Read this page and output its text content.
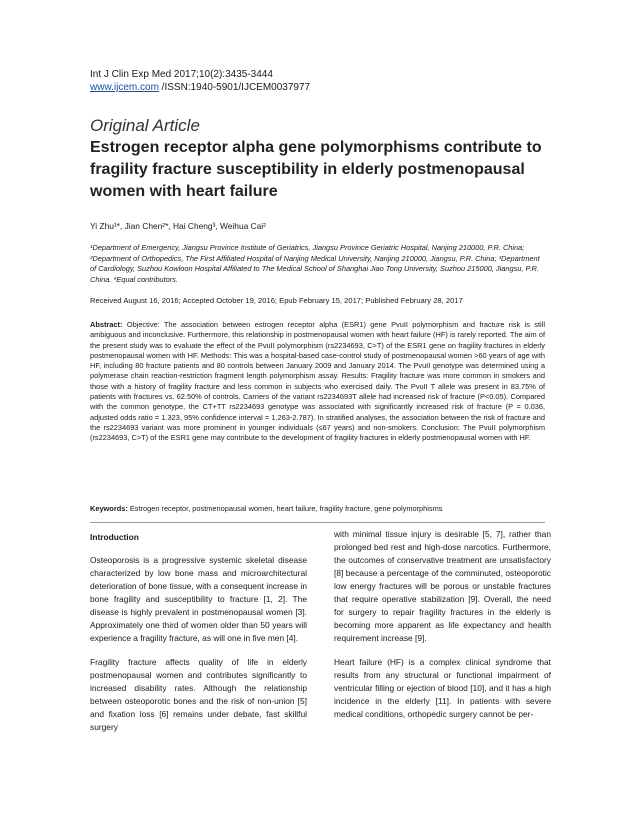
Int J Clin Exp Med 2017;10(2):3435-3444
www.ijcem.com /ISSN:1940-5901/IJCEM0037977
Original Article
Estrogen receptor alpha gene polymorphisms contribute to fragility fracture susceptibility in elderly postmenopausal women with heart failure
Yi Zhu¹*, Jian Chen²*, Hai Cheng³, Weihua Cai²
¹Department of Emergency, Jiangsu Province Institute of Geriatrics, Jiangsu Province Geriatric Hospital, Nanjing 210000, P.R. China; ²Department of Orthopedics, The First Affiliated Hospital of Nanjing Medical University, Nanjing 210000, Jiangsu, P.R. China; ³Department of Cardiology, Suzhou Kowloon Hospital Affiliated to The Medical School of Shanghai Jiao Tong University, Suzhou 215000, Jiangsu, P.R. China. *Equal contributors.
Received August 16, 2016; Accepted October 19, 2016; Epub February 15, 2017; Published February 28, 2017
Abstract: Objective: The association between estrogen receptor alpha (ESR1) gene PvuII polymorphism and fracture risk is still ambiguous and inconclusive. Furthermore, this relationship in postmenopausal women with heart failure (HF) is rarely reported. The aim of the present study was to evaluate the effect of the PvuII polymorphism (rs2234693, C>T) of the ESR1 gene on fragility fractures in elderly postmenopausal women with HF. Methods: This was a hospital-based case-control study of postmenopausal women >60 years of age with HF, including 80 fracture patients and 80 controls between January 2009 and January 2014. The PvuII genotype was determined using a polymerase chain reaction-restriction fragment length polymorphism assay. Results: Fragility fracture was more common in smokers and those with a history of fragility fracture and less common in subjects who exercised daily. The PvuII T allele was present in 83.75% of patients with fractures vs. 62.50% of controls. Carriers of the variant rs2234693T allele had increased risk of fracture (P<0.05). Compared with the common genotype, the CT+TT rs2234693 genotype was associated with significantly increased risk of fracture (P = 0.036, adjusted odds ratio = 1.323, 95% confidence interval = 1.263-2.787). In stratified analyses, the association between the risk of fracture and the rs2234693 variant was more prominent in younger individuals (≤67 years) and non-smokers. Conclusion: The PvuII polymorphism (rs2234693, C>T) of the ESR1 gene may contribute to the development of fragility fractures in elderly postmenopausal women with HF.
Keywords: Estrogen receptor, postmenopausal women, heart failure, fragility fracture, gene polymorphisms
Introduction

Osteoporosis is a progressive systemic skeletal disease characterized by low bone mass and microarchitectural deterioration of bone tissue, with a consequent increase in bone fragility and susceptibility to fracture [1, 2]. The disease is highly prevalent in postmenopausal women [3]. Approximately one third of women older than 50 years will experience a fragility fracture, as will one in five men [4].

Fragility fracture affects quality of life in elderly postmenopausal women and contributes significantly to increased disability rates. Although the relationship between osteoporotic bones and the risk of non-union [5] and fixation loss [6] remains under debate, fast skillful surgery

with minimal tissue injury is desirable [5, 7], rather than prolonged bed rest and high-dose narcotics. Furthermore, the outcomes of conservative treatment are unsatisfactory [8] because a percentage of the comminuted, osteoporotic low energy fractures will be porous or unstable fractures that require operative stabilization [9]. Overall, the need for surgery to repair fragility fractures in the elderly is becoming more apparent as life expectancy and health requirement increase [9].

Heart failure (HF) is a complex clinical syndrome that results from any structural or functional impairment of ventricular filling or ejection of blood [10], and it has a high incidence in the elderly [11]. In patients with severe medical conditions, orthopedic surgery cannot be per-
